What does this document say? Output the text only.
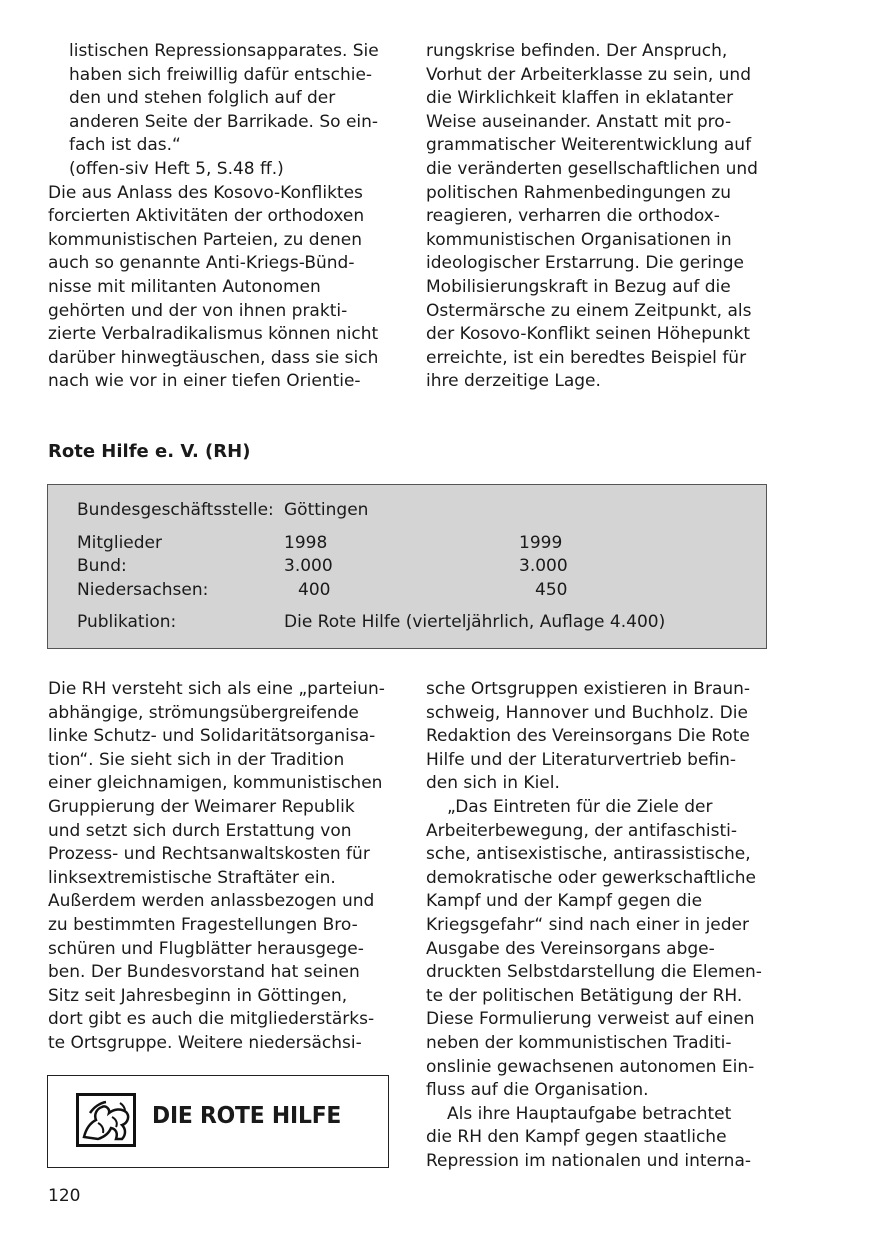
listischen Repressionsapparates. Sie
haben sich freiwillig dafür entschie-
den und stehen folglich auf der
anderen Seite der Barrikade. So ein-
fach ist das.“
(offen-siv Heft 5, S.48 ff.)
Die aus Anlass des Kosovo-Konfliktes
forcierten Aktivitäten der orthodoxen
kommunistischen Parteien, zu denen
auch so genannte Anti-Kriegs-Bünd-
nisse mit militanten Autonomen
gehörten und der von ihnen prakti-
zierte Verbalradikalismus können nicht
darüber hinwegtäuschen, dass sie sich
nach wie vor in einer tiefen Orientie-
rungskrise befinden. Der Anspruch,
Vorhut der Arbeiterklasse zu sein, und
die Wirklichkeit klaffen in eklatanter
Weise auseinander. Anstatt mit pro-
grammatischer Weiterentwicklung auf
die veränderten gesellschaftlichen und
politischen Rahmenbedingungen zu
reagieren, verharren die orthodox-
kommunistischen Organisationen in
ideologischer Erstarrung. Die geringe
Mobilisierungskraft in Bezug auf die
Ostermärsche zu einem Zeitpunkt, als
der Kosovo-Konflikt seinen Höhepunkt
erreichte, ist ein beredtes Beispiel für
ihre derzeitige Lage.
Rote Hilfe e. V. (RH)
Bundesgeschäftsstelle: Göttingen
Mitglieder	1998	1999
Bund:	3.000	3.000
Niedersachsen:	400	450
Publikation:	Die Rote Hilfe (vierteljährlich, Auflage 4.400)
Die RH versteht sich als eine „parteiun-
abhängige, strömungsübergreifende
linke Schutz- und Solidaritätsorganisa-
tion“. Sie sieht sich in der Tradition
einer gleichnamigen, kommunistischen
Gruppierung der Weimarer Republik
und setzt sich durch Erstattung von
Prozess- und Rechtsanwaltskosten für
linksextremistische Straftäter ein.
Außerdem werden anlassbezogen und
zu bestimmten Fragestellungen Bro-
schüren und Flugblätter herausgege-
ben. Der Bundesvorstand hat seinen
Sitz seit Jahresbeginn in Göttingen,
dort gibt es auch die mitgliederstärks-
te Ortsgruppe. Weitere niedersächsi-
DIE ROTE HILFE
sche Ortsgruppen existieren in Braun-
schweig, Hannover und Buchholz. Die
Redaktion des Vereinsorgans Die Rote
Hilfe und der Literaturvertrieb befin-
den sich in Kiel.
„Das Eintreten für die Ziele der
Arbeiterbewegung, der antifaschisti-
sche, antisexistische, antirassistische,
demokratische oder gewerkschaftliche
Kampf und der Kampf gegen die
Kriegsgefahr“ sind nach einer in jeder
Ausgabe des Vereinsorgans abge-
druckten Selbstdarstellung die Elemen-
te der politischen Betätigung der RH.
Diese Formulierung verweist auf einen
neben der kommunistischen Traditi-
onslinie gewachsenen autonomen Ein-
fluss auf die Organisation.
Als ihre Hauptaufgabe betrachtet
die RH den Kampf gegen staatliche
Repression im nationalen und interna-
120
